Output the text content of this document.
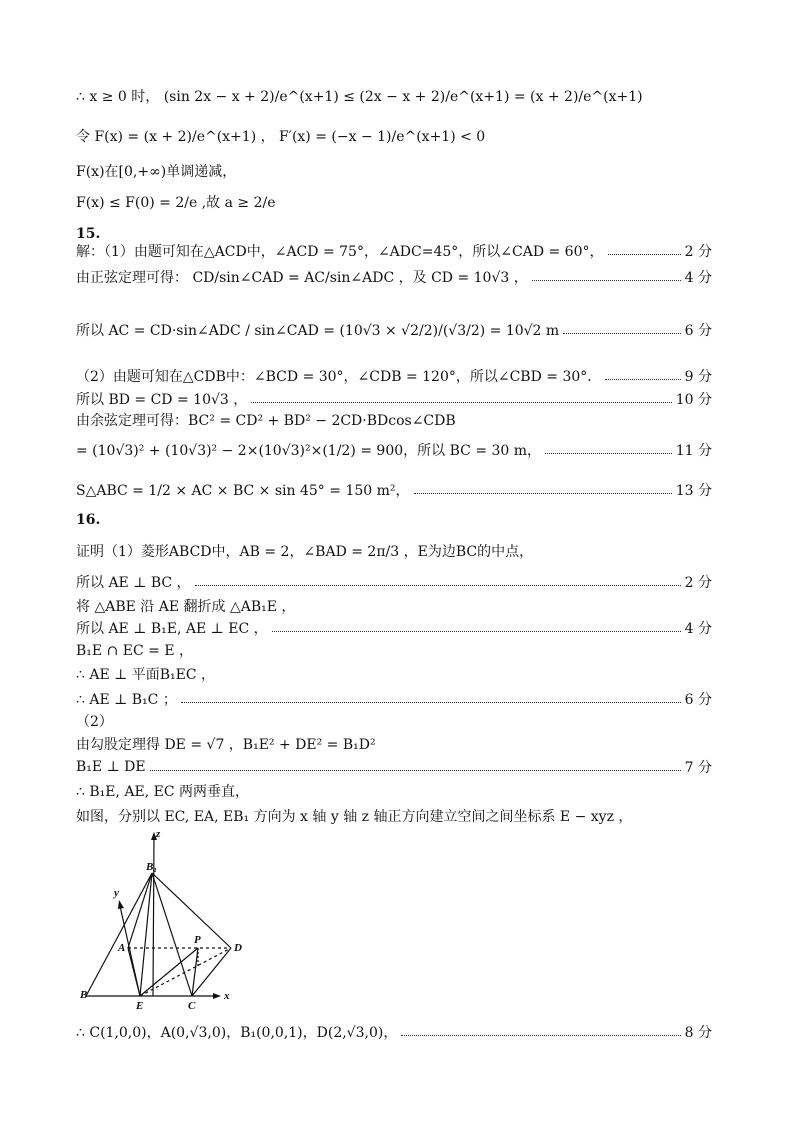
∴ x ≥ 0 时， (sin 2x − x + 2)/e^(x+1) ≤ (2x − x + 2)/e^(x+1) = (x + 2)/e^(x+1)
令 F(x) = (x + 2)/e^(x+1) ， F′(x) = (−x − 1)/e^(x+1) < 0
F(x)在[0,+∞)单调递减，
F(x) ≤ F(0) = 2/e ,故 a ≥ 2/e
15.
解：（1）由题可知在△ACD中，∠ACD = 75°，∠ADC=45°，所以∠CAD = 60°，	2 分
由正弦定理可得： CD/sin∠CAD = AC/sin∠ADC ，及 CD = 10√3 ，	4 分
所以 AC = CD·sin∠ADC / sin∠CAD = (10√3 × √2/2)/(√3/2) = 10√2 m	6 分
（2）由题可知在△CDB中：∠BCD = 30°，∠CDB = 120°，所以∠CBD = 30°．	9 分
所以 BD = CD = 10√3 ，	10 分
由余弦定理可得：BC² = CD² + BD² − 2CD·BDcos∠CDB
= (10√3)² + (10√3)² − 2×(10√3)²×(1/2) = 900，所以 BC = 30 m，	11 分
S△ABC = 1/2 × AC × BC × sin 45° = 150 m²，	13 分
16.
证明（1）菱形ABCD中，AB = 2，∠BAD = 2π/3 ，E为边BC的中点，
所以 AE ⊥ BC ，	2 分
将 △ABE 沿 AE 翻折成 △AB₁E ，
所以 AE ⊥ B₁E, AE ⊥ EC ，	4 分
B₁E ∩ EC = E ，
∴ AE ⊥ 平面B₁EC ，
∴ AE ⊥ B₁C ；	6 分
（2）
由勾股定理得 DE = √7 ，B₁E² + DE² = B₁D²
B₁E ⊥ DE	7 分
∴ B₁E, AE, EC 两两垂直，
如图，分别以 EC, EA, EB₁ 方向为 x 轴 y 轴 z 轴正方向建立空间之间坐标系 E − xyz ，
z
y
x
B₁
A
P
D
B
E	C
∴ C(1,0,0)，A(0,√3,0)，B₁(0,0,1)，D(2,√3,0)，	8 分
